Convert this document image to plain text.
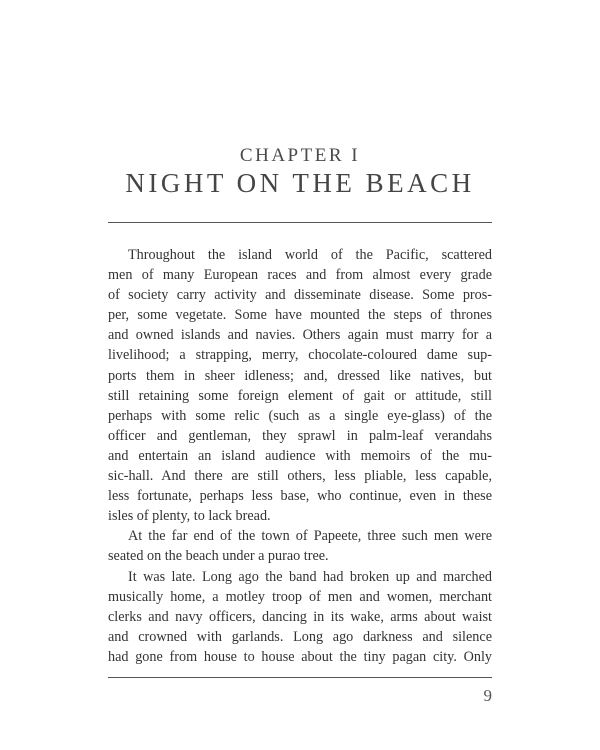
CHAPTER I
NIGHT ON THE BEACH
Throughout the island world of the Pacific, scattered
men of many European races and from almost every grade
of society carry activity and disseminate disease. Some pros-
per, some vegetate. Some have mounted the steps of thrones
and owned islands and navies. Others again must marry for a
livelihood; a strapping, merry, chocolate-coloured dame sup-
ports them in sheer idleness; and, dressed like natives, but
still retaining some foreign element of gait or attitude, still
perhaps with some relic (such as a single eye-glass) of the
officer and gentleman, they sprawl in palm-leaf verandahs
and entertain an island audience with memoirs of the mu-
sic-hall. And there are still others, less pliable, less capable,
less fortunate, perhaps less base, who continue, even in these
isles of plenty, to lack bread.
At the far end of the town of Papeete, three such men were
seated on the beach under a purao tree.
It was late. Long ago the band had broken up and marched
musically home, a motley troop of men and women, merchant
clerks and navy officers, dancing in its wake, arms about waist
and crowned with garlands. Long ago darkness and silence
had gone from house to house about the tiny pagan city. Only
9
